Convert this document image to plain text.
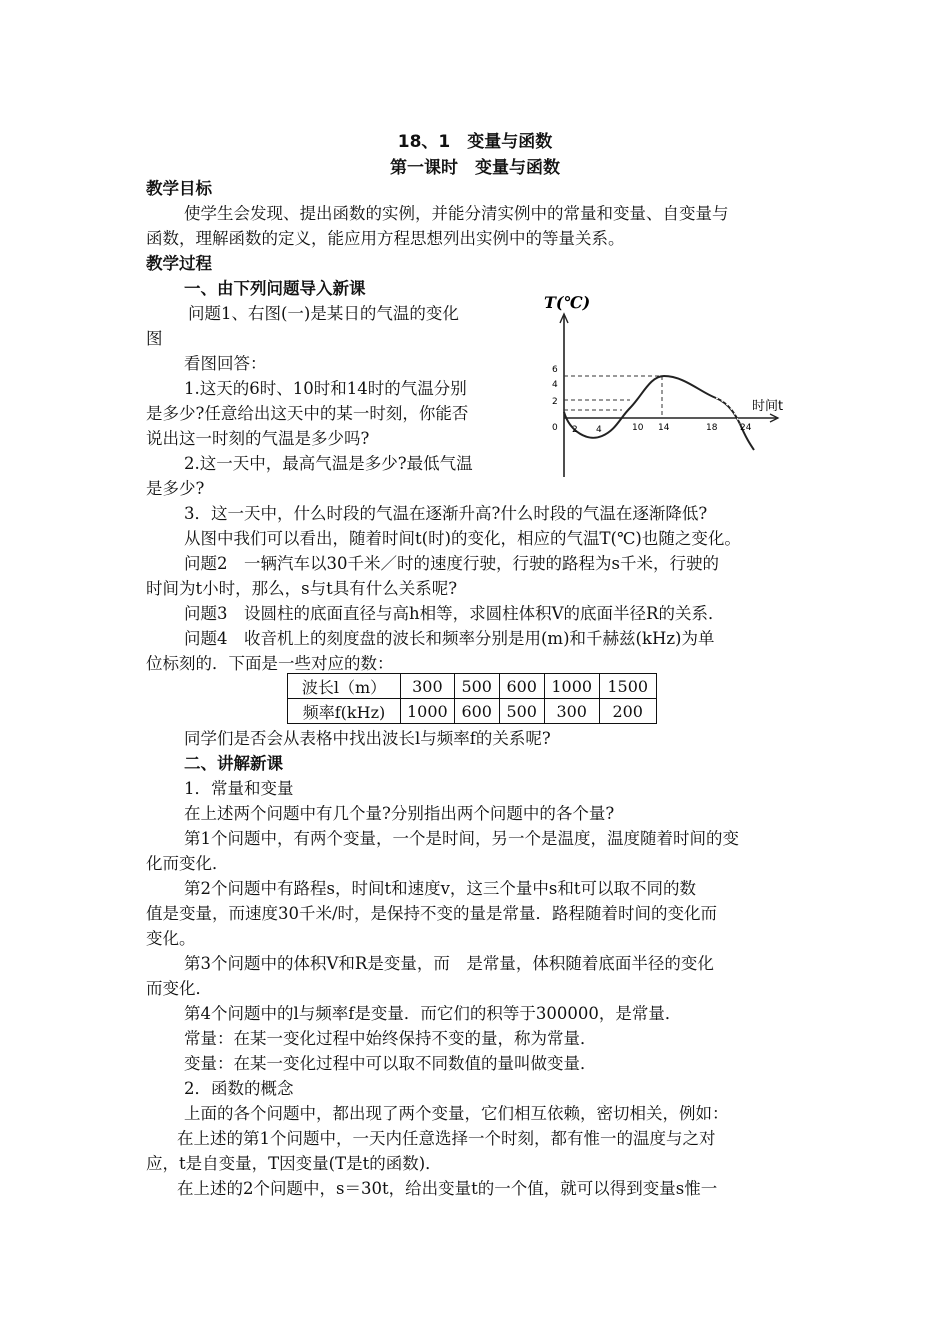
18、1　变量与函数
第一课时　变量与函数
教学目标
使学生会发现、提出函数的实例，并能分清实例中的常量和变量、自变量与
函数，理解函数的定义，能应用方程思想列出实例中的等量关系。
教学过程
一、由下列问题导入新课
问题1、右图(一)是某日的气温的变化
图
看图回答：
1.这天的6时、10时和14时的气温分别
是多少?任意给出这天中的某一时刻，你能否
说出这一时刻的气温是多少吗?
2.这一天中，最高气温是多少?最低气温
是多少?
3．这一天中，什么时段的气温在逐渐升高?什么时段的气温在逐渐降低?
从图中我们可以看出，随着时间t(时)的变化，相应的气温T(℃)也随之变化。
问题2　一辆汽车以30千米／时的速度行驶，行驶的路程为s千米，行驶的
时间为t小时，那么，s与t具有什么关系呢?
问题3　设圆柱的底面直径与高h相等，求圆柱体积V的底面半径R的关系．
问题4　收音机上的刻度盘的波长和频率分别是用(m)和千赫兹(kHz)为单
位标刻的．下面是一些对应的数：
波长l（m）	300	500	600	1000	1500
频率f(kHz)	1000	600	500	300	200
同学们是否会从表格中找出波长l与频率f的关系呢?
二、讲解新课
1．常量和变量
在上述两个问题中有几个量?分别指出两个问题中的各个量?
第1个问题中，有两个变量，一个是时间，另一个是温度，温度随着时间的变
化而变化．
第2个问题中有路程s，时间t和速度v，这三个量中s和t可以取不同的数
值是变量，而速度30千米/时，是保持不变的量是常量．路程随着时间的变化而
变化。
第3个问题中的体积V和R是变量，而　是常量，体积随着底面半径的变化
而变化．
第4个问题中的l与频率f是变量．而它们的积等于300000，是常量．
常量：在某一变化过程中始终保持不变的量，称为常量．
变量：在某一变化过程中可以取不同数值的量叫做变量．
2．函数的概念
上面的各个问题中，都出现了两个变量，它们相互依赖，密切相关，例如：
在上述的第1个问题中，一天内任意选择一个时刻，都有惟一的温度与之对
应，t是自变量，T因变量(T是t的函数)．
在上述的2个问题中，s＝30t，给出变量t的一个值，就可以得到变量s惟一
T(℃)
时间t
6
4
2
0 2 4	10 14	18	24
